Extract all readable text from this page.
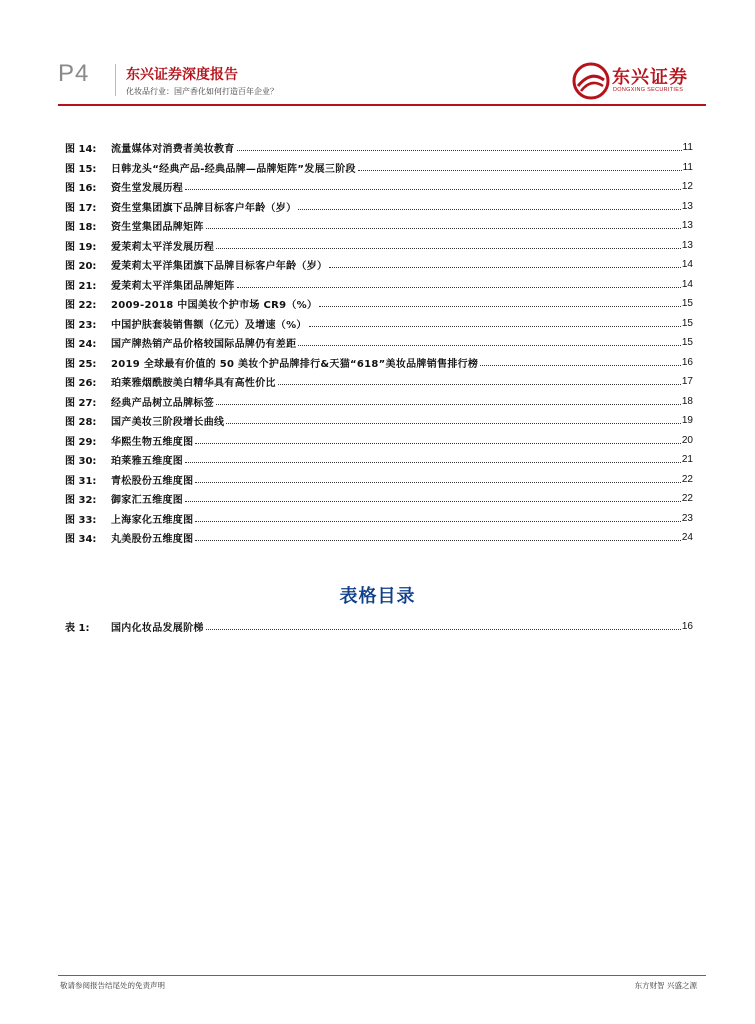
P4	东兴证券深度报告
化妆品行业：国产香化如何打造百年企业？
东兴证券
DONGXING SECURITIES
图 14:	流量媒体对消费者美妆教育	11
图 15:	日韩龙头“经典产品-经典品牌—品牌矩阵”发展三阶段	11
图 16:	资生堂发展历程	12
图 17:	资生堂集团旗下品牌目标客户年龄（岁）	13
图 18:	资生堂集团品牌矩阵	13
图 19:	爱茉莉太平洋发展历程	13
图 20:	爱茉莉太平洋集团旗下品牌目标客户年龄（岁）	14
图 21:	爱茉莉太平洋集团品牌矩阵	14
图 22:	2009-2018 中国美妆个护市场 CR9（%）	15
图 23:	中国护肤套装销售额（亿元）及增速（%）	15
图 24:	国产牌热销产品价格较国际品牌仍有差距	15
图 25:	2019 全球最有价值的 50 美妆个护品牌排行&天猫“618”美妆品牌销售排行榜	16
图 26:	珀莱雅烟酰胺美白精华具有高性价比	17
图 27:	经典产品树立品牌标签	18
图 28:	国产美妆三阶段增长曲线	19
图 29:	华熙生物五维度图	20
图 30:	珀莱雅五维度图	21
图 31:	青松股份五维度图	22
图 32:	御家汇五维度图	22
图 33:	上海家化五维度图	23
图 34:	丸美股份五维度图	24
表格目录
表 1:	国内化妆品发展阶梯	16
敬请参阅报告结尾处的免责声明	东方财智 兴盛之源
